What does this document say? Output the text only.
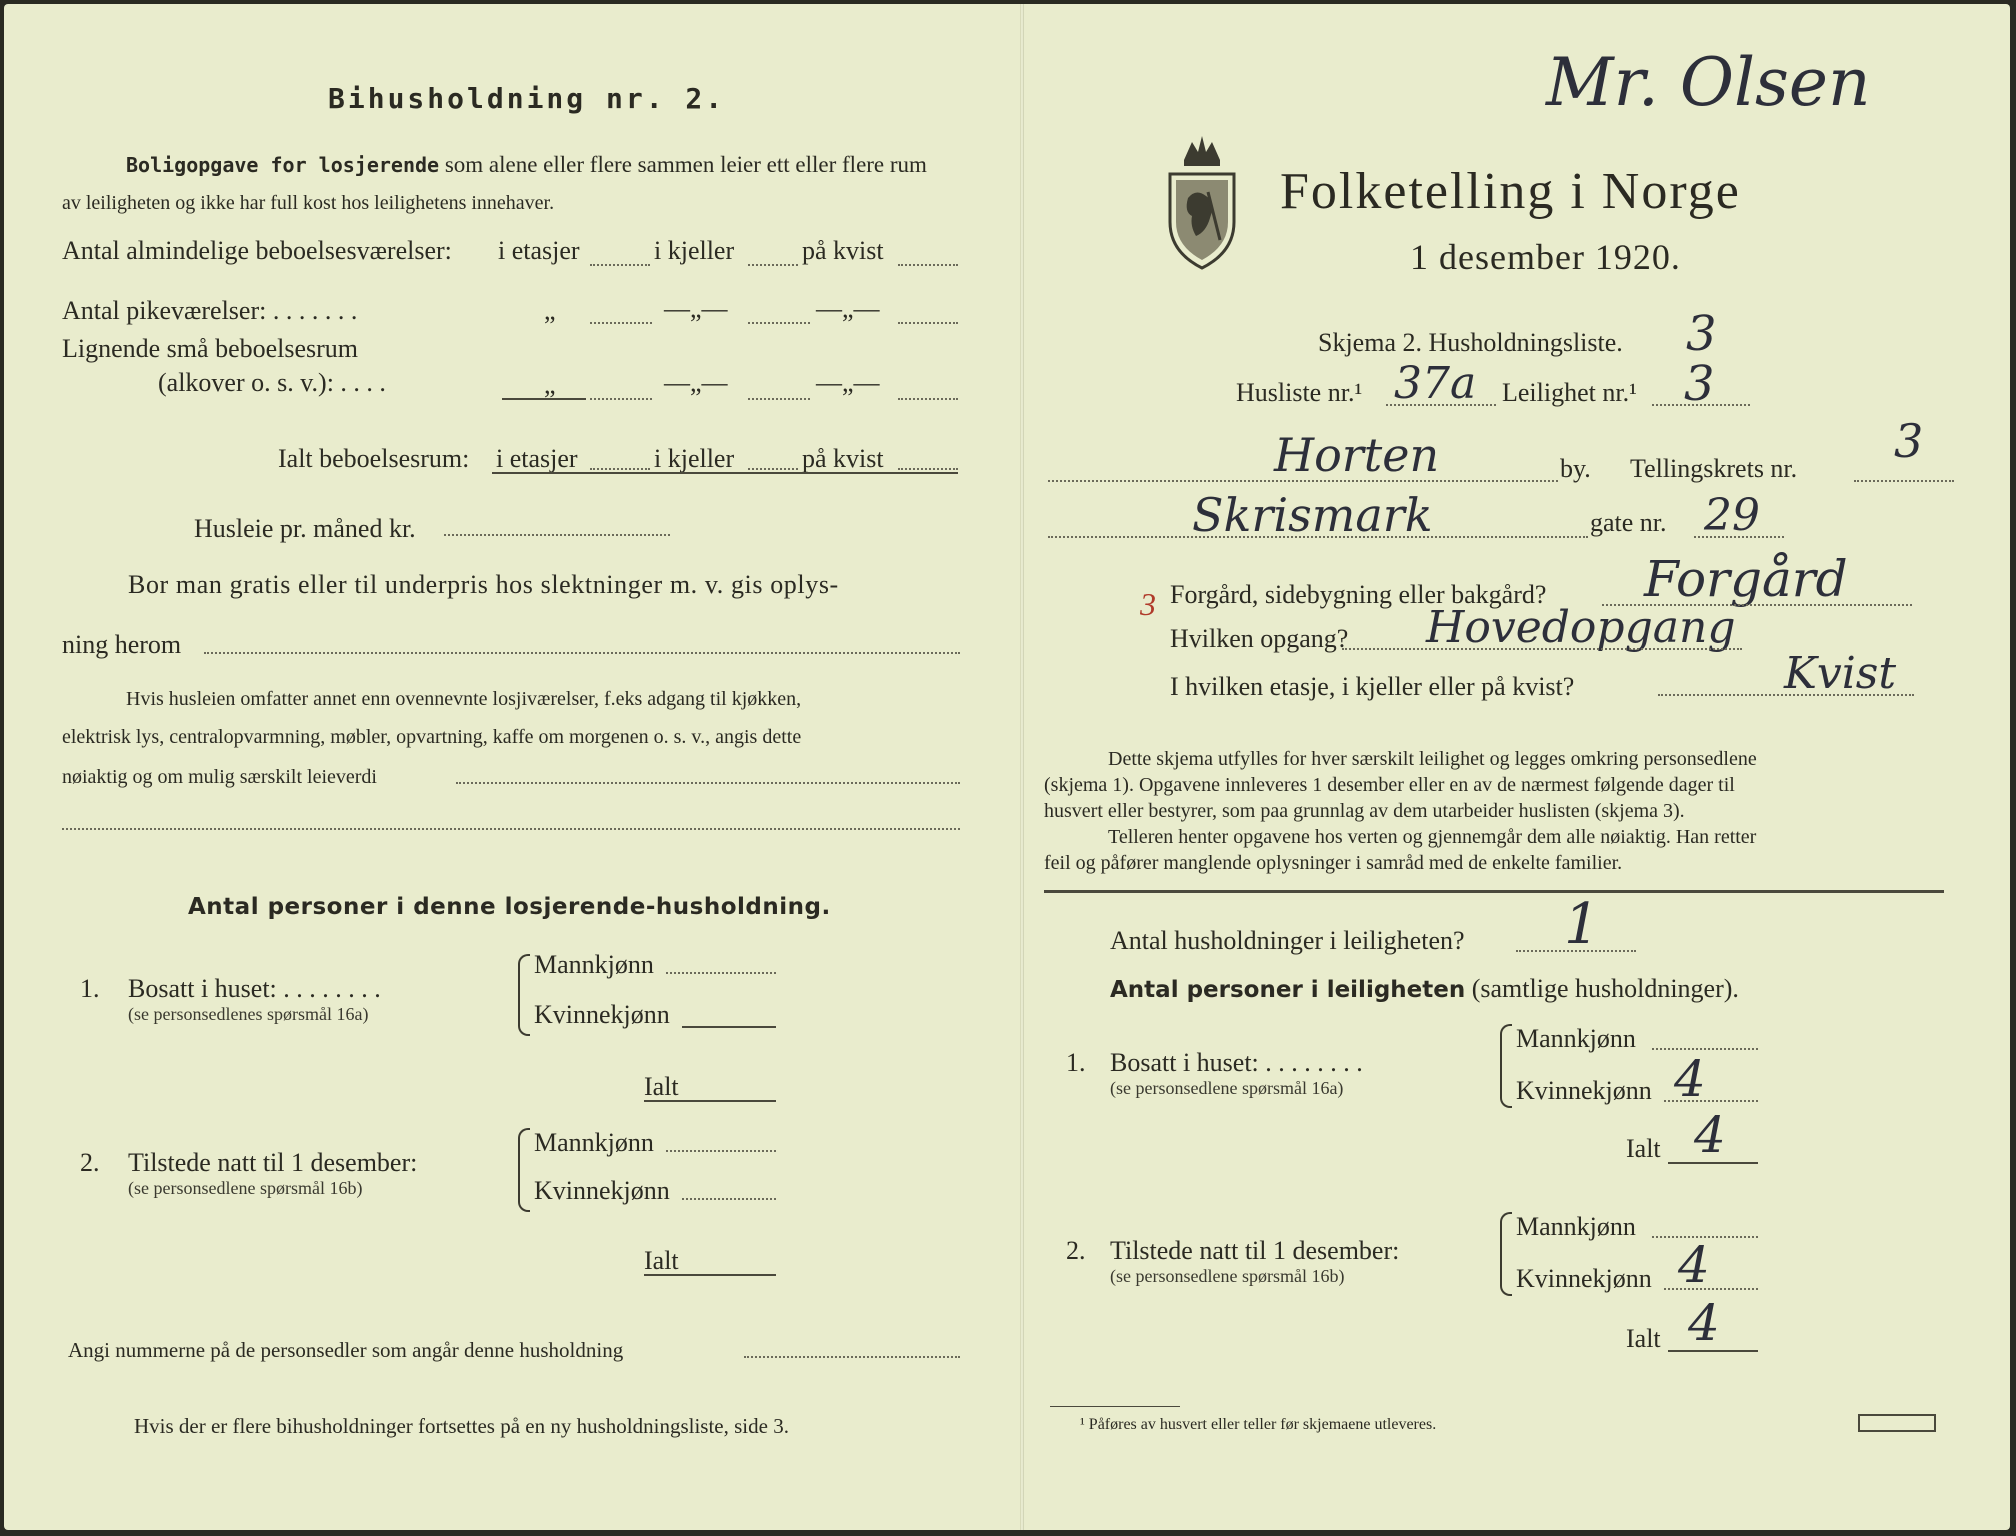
Bihusholdning nr. 2.
Boligopgave for losjerende som alene eller flere sammen leier ett eller flere rum
av leiligheten og ikke har full kost hos leilighetens innehaver.
Antal almindelige beboelsesværelser: i etasjer	i kjeller	på kvist
Antal pikeværelser: . . . . . . .	„	—„—	—„—
Lignende små beboelsesrum
(alkover o. s. v.): . . . .	„	—„—	—„—
Ialt beboelsesrum: i etasjer	i kjeller	på kvist
Husleie pr. måned kr.
Bor man gratis eller til underpris hos slektninger m. v. gis oplys-
ning herom
Hvis husleien omfatter annet enn ovennevnte losjiværelser, f.eks adgang til kjøkken,
elektrisk lys, centralopvarmning, møbler, opvartning, kaffe om morgenen o. s. v., angis dette
nøiaktig og om mulig særskilt leieverdi
Antal personer i denne losjerende-husholdning.
1. Bosatt i huset: . . . . . . . .
(se personsedlenes spørsmål 16a)
Mannkjønn
Kvinnekjønn
Ialt
2. Tilstede natt til 1 desember:
(se personsedlene spørsmål 16b)
Mannkjønn
Kvinnekjønn
Ialt
Angi nummerne på de personsedler som angår denne husholdning
Hvis der er flere bihusholdninger fortsettes på en ny husholdningsliste, side 3.
Mr. Olsen
Folketelling i Norge
1 desember 1920.
Skjema 2. Husholdningsliste. 3
Husliste nr.¹ 37a Leilighet nr.¹ 3
Horten	by. Tellingskrets nr.
3
Skrismark	gate nr. 29
3 Forgård, sidebygning eller bakgård? Forgård
Hvilken opgang? Hovedopgang
I hvilken etasje, i kjeller eller på kvist?	Kvist
Dette skjema utfylles for hver særskilt leilighet og legges omkring personsedlene
(skjema 1). Opgavene innleveres 1 desember eller en av de nærmest følgende dager til
husvert eller bestyrer, som paa grunnlag av dem utarbeider huslisten (skjema 3).
Telleren henter opgavene hos verten og gjennemgår dem alle nøiaktig. Han retter
feil og påfører manglende oplysninger i samråd med de enkelte familier.
Antal husholdninger i leiligheten? 1
Antal personer i leiligheten (samtlige husholdninger).
1. Bosatt i huset: . . . . . . . .
(se personsedlene spørsmål 16a)
Mannkjønn
Kvinnekjønn 4
Ialt 4
2. Tilstede natt til 1 desember:
(se personsedlene spørsmål 16b)
Mannkjønn
Kvinnekjønn 4
Ialt 4
¹ Påføres av husvert eller teller før skjemaene utleveres.
